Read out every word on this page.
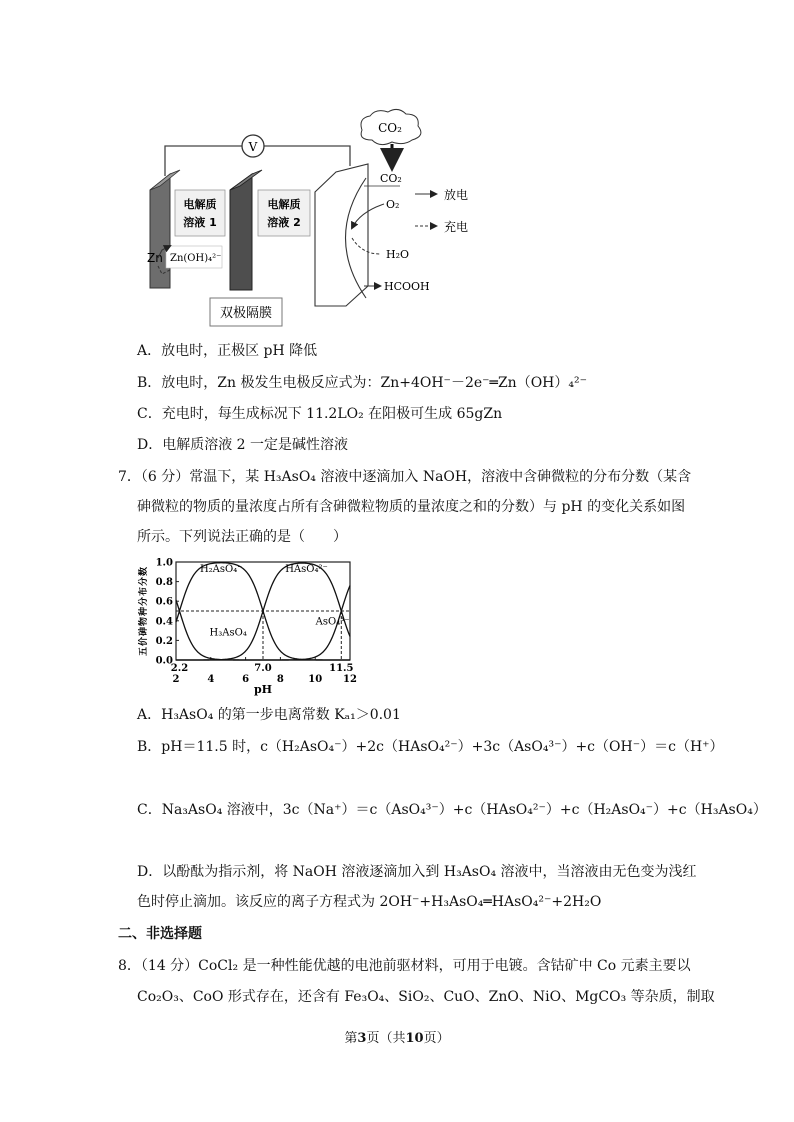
V
电解质
溶液 1
Zn Zn(OH)₄²⁻
电解质
溶液 2
双极隔膜
CO₂
CO₂
O₂
H₂O
HCOOH
放电
充电
A．放电时，正极区 pH 降低
B．放电时，Zn 极发生电极反应式为：Zn+4OH⁻－2e⁻═Zn（OH）₄²⁻
C．充电时，每生成标况下 11.2LO₂ 在阳极可生成 65gZn
D．电解质溶液 2 一定是碱性溶液
7．（6 分）常温下，某 H₃AsO₄ 溶液中逐滴加入 NaOH，溶液中含砷微粒的分布分数（某含
砷微粒的物质的量浓度占所有含砷微粒物质的量浓度之和的分数）与 pH 的变化关系如图
所示。下列说法正确的是（　　）
0.0
0.2
0.4
0.6
0.8
1.0
2	4	6	8 10 12
2.2	7.0	11.5
pH
五价砷物种分布分数	H₃AsO₄
H₂AsO₄⁻	HAsO₄²⁻
AsO₄³⁻
A．H₃AsO₄ 的第一步电离常数 Kₐ₁＞0.01
B．pH＝11.5 时，c（H₂AsO₄⁻）+2c（HAsO₄²⁻）+3c（AsO₄³⁻）+c（OH⁻）＝c（H⁺）
C．Na₃AsO₄ 溶液中，3c（Na⁺）＝c（AsO₄³⁻）+c（HAsO₄²⁻）+c（H₂AsO₄⁻）+c（H₃AsO₄）
D．以酚酞为指示剂，将 NaOH 溶液逐滴加入到 H₃AsO₄ 溶液中，当溶液由无色变为浅红
色时停止滴加。该反应的离子方程式为 2OH⁻+H₃AsO₄═HAsO₄²⁻+2H₂O
二、非选择题
8．（14 分）CoCl₂ 是一种性能优越的电池前驱材料，可用于电镀。含钴矿中 Co 元素主要以
Co₂O₃、CoO 形式存在，还含有 Fe₃O₄、SiO₂、CuO、ZnO、NiO、MgCO₃ 等杂质，制取
第3页（共10页）
